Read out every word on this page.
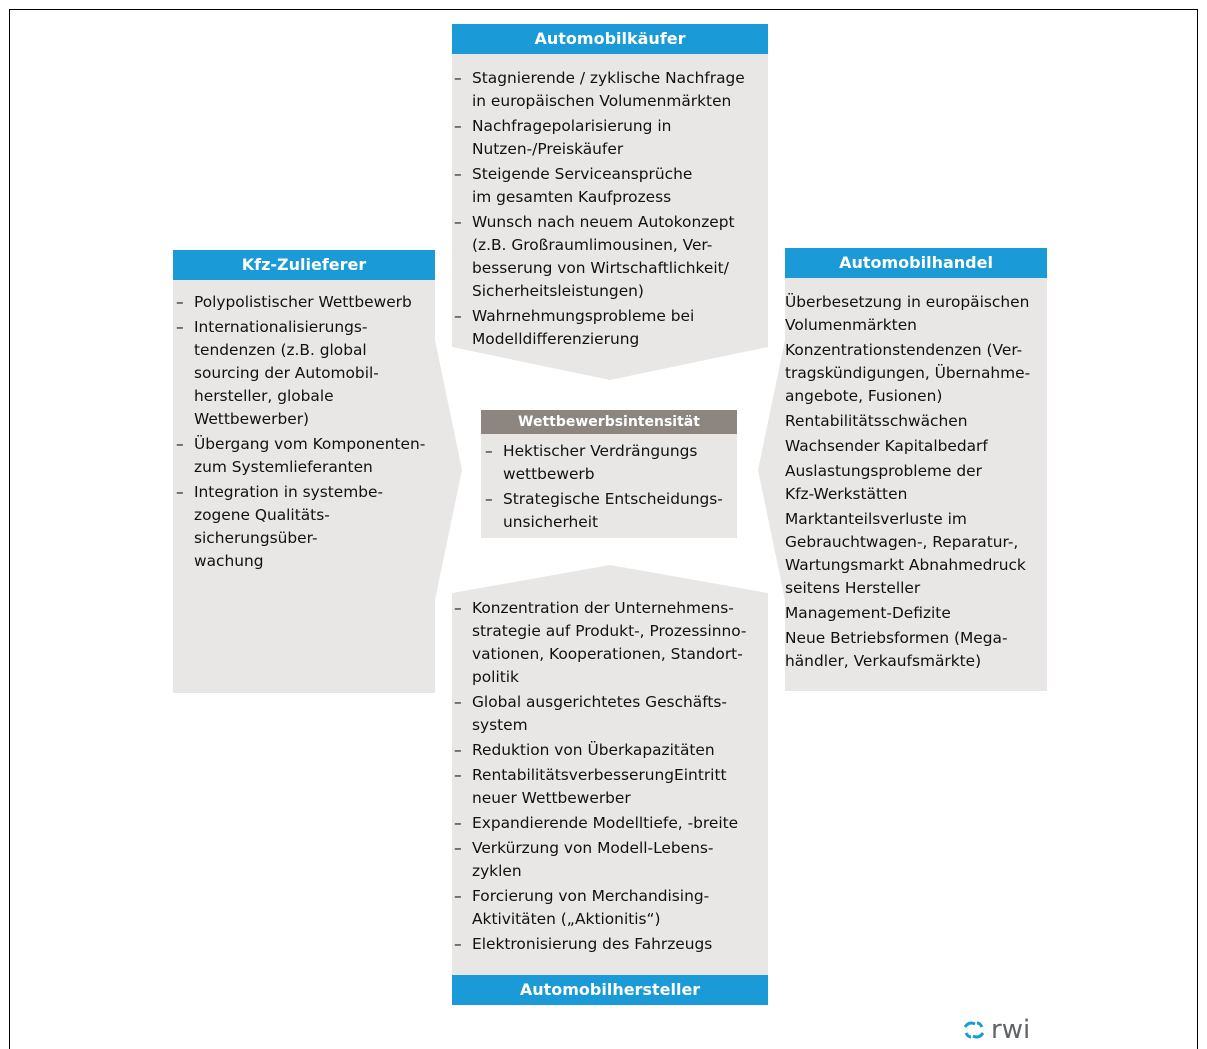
Automobilkäufer
– Stagnierende / zyklische Nachfrage
in europäischen Volumenmärkten
– Nachfragepolarisierung in
Nutzen-/Preiskäufer
– Steigende Serviceansprüche
im gesamten Kaufprozess
– Wunsch nach neuem Autokonzept
(z.B. Großraumlimousinen, Ver-
besserung von Wirtschaftlichkeit/
Sicherheitsleistungen)
– Wahrnehmungsprobleme bei
Modelldifferenzierung
Kfz-Zulieferer
– Polypolistischer Wettbewerb
– Internationalisierungs-
tendenzen (z.B. global
sourcing der Automobil-
hersteller, globale
Wettbewerber)
– Übergang vom Komponenten-
zum Systemlieferanten
– Integration in systembe-
zogene Qualitäts-
sicherungsüber-
wachung
Automobilhandel
Überbesetzung in europäischen
Volumenmärkten
Konzentrationstendenzen (Ver-
tragskündigungen, Übernahme-
angebote, Fusionen)
Rentabilitätsschwächen
Wachsender Kapitalbedarf
Auslastungsprobleme der
Kfz-Werkstätten
Marktanteilsverluste im
Gebrauchtwagen-, Reparatur-,
Wartungsmarkt Abnahmedruck
seitens Hersteller
Management-Defizite
Neue Betriebsformen (Mega-
händler, Verkaufsmärkte)
Wettbewerbsintensität
– Hektischer Verdrängungs
wettbewerb
– Strategische Entscheidungs-
unsicherheit
– Konzentration der Unternehmens-
strategie auf Produkt-, Prozessinno-
vationen, Kooperationen, Standort-
politik
– Global ausgerichtetes Geschäfts-
system
– Reduktion von Überkapazitäten
– RentabilitätsverbesserungEintritt
neuer Wettbewerber
– Expandierende Modelltiefe, -breite
– Verkürzung von Modell-Lebens-
zyklen
– Forcierung von Merchandising-
Aktivitäten („Aktionitis“)
– Elektronisierung des Fahrzeugs
Automobilhersteller
rwi
